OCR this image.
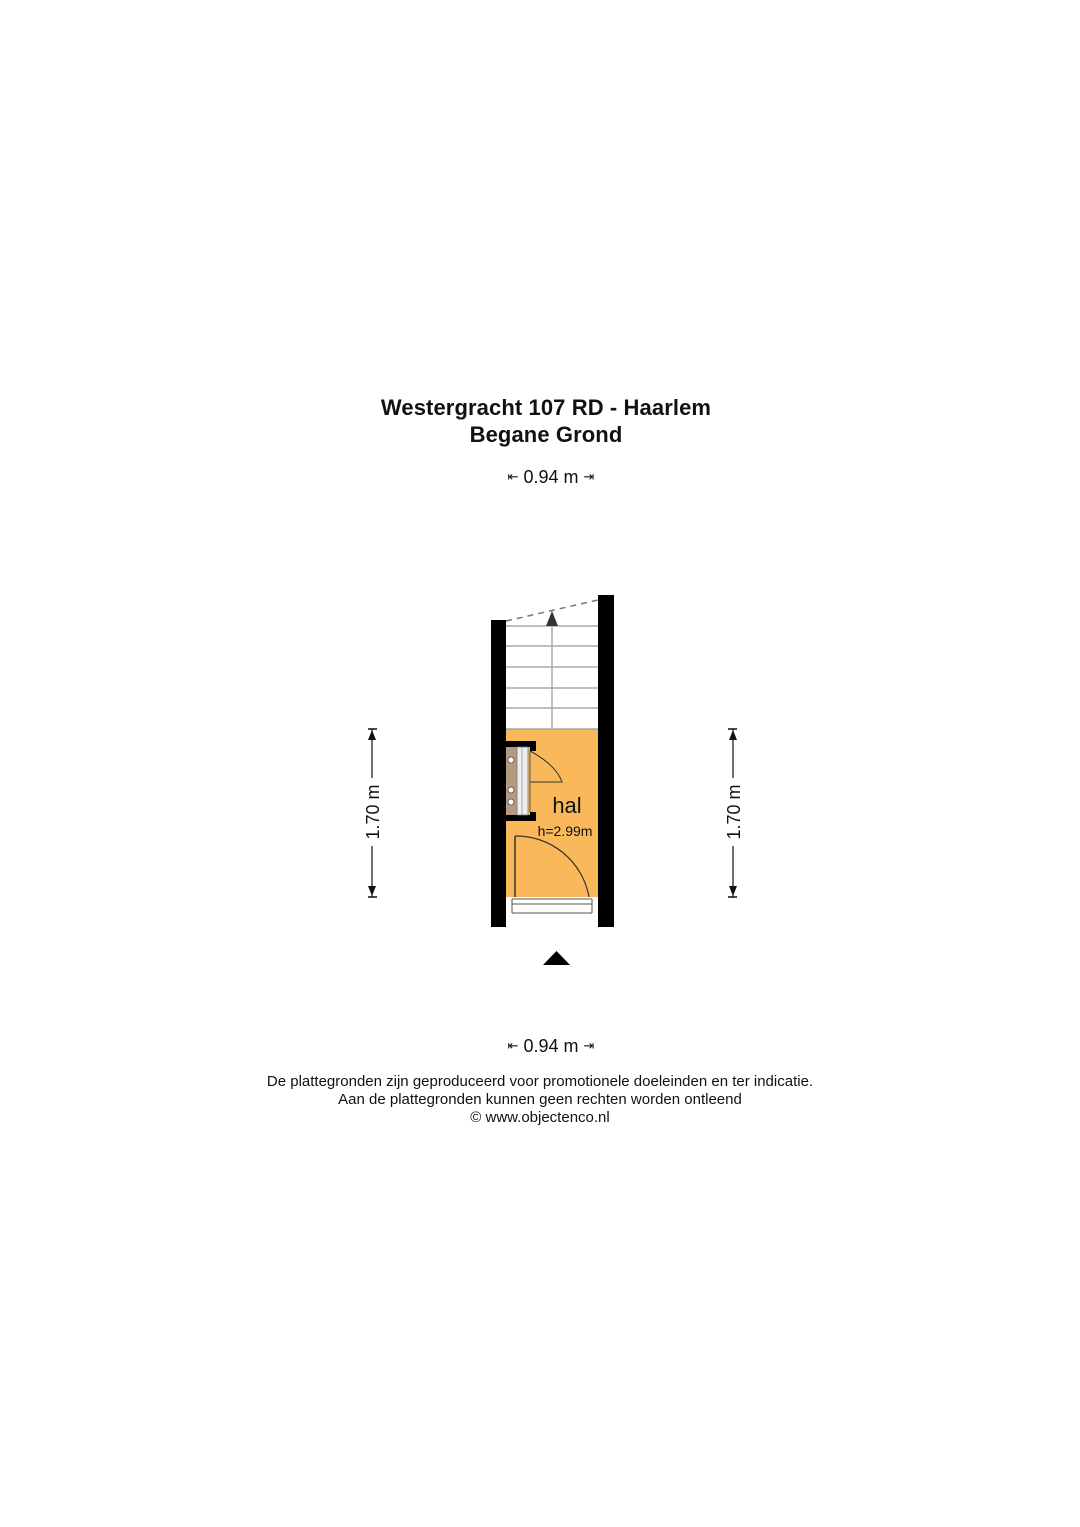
Westergracht 107 RD - Haarlem
Begane Grond
⇤ 0.94 m ⇥
hal
h=2.99m
1.70 m	1.70 m
⇤ 0.94 m ⇥
De plattegronden zijn geproduceerd voor promotionele doeleinden en ter indicatie.
Aan de plattegronden kunnen geen rechten worden ontleend
© www.objectenco.nl
